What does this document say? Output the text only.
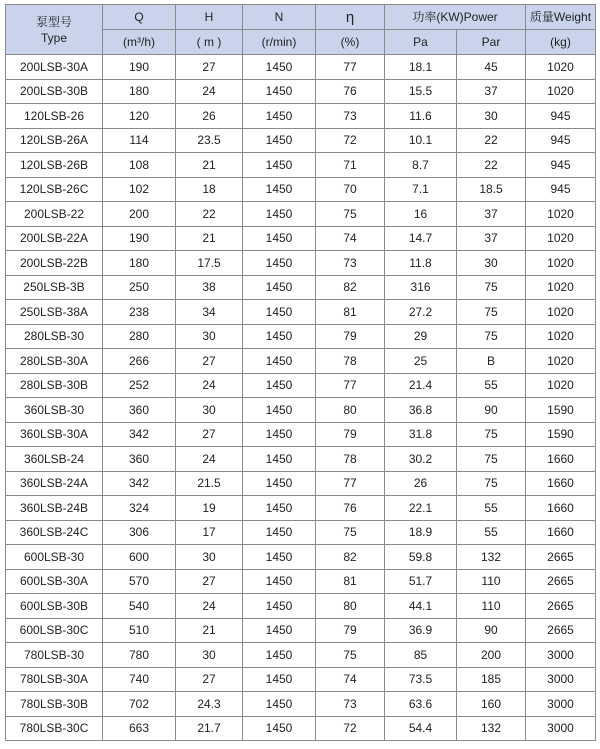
泵型号
Type	Q	H	N	η	功率(KW)Power		质量Weight
	(m³/h)	( m )	(r/min)	(%)	Pa	Par	(kg)
200LSB-30A	190	27	1450	77	18.1	45	1020
200LSB-30B	180	24	1450	76	15.5	37	1020
120LSB-26	120	26	1450	73	11.6	30	945
120LSB-26A	114	23.5	1450	72	10.1	22	945
120LSB-26B	108	21	1450	71	8.7	22	945
120LSB-26C	102	18	1450	70	7.1	18.5	945
200LSB-22	200	22	1450	75	16	37	1020
200LSB-22A	190	21	1450	74	14.7	37	1020
200LSB-22B	180	17.5	1450	73	11.8	30	1020
250LSB-3B	250	38	1450	82	316	75	1020
250LSB-38A	238	34	1450	81	27.2	75	1020
280LSB-30	280	30	1450	79	29	75	1020
280LSB-30A	266	27	1450	78	25	B	1020
280LSB-30B	252	24	1450	77	21.4	55	1020
360LSB-30	360	30	1450	80	36.8	90	1590
360LSB-30A	342	27	1450	79	31.8	75	1590
360LSB-24	360	24	1450	78	30.2	75	1660
360LSB-24A	342	21.5	1450	77	26	75	1660
360LSB-24B	324	19	1450	76	22.1	55	1660
360LSB-24C	306	17	1450	75	18.9	55	1660
600LSB-30	600	30	1450	82	59.8	132	2665
600LSB-30A	570	27	1450	81	51.7	110	2665
600LSB-30B	540	24	1450	80	44.1	110	2665
600LSB-30C	510	21	1450	79	36.9	90	2665
780LSB-30	780	30	1450	75	85	200	3000
780LSB-30A	740	27	1450	74	73.5	185	3000
780LSB-30B	702	24.3	1450	73	63.6	160	3000
780LSB-30C	663	21.7	1450	72	54.4	132	3000
